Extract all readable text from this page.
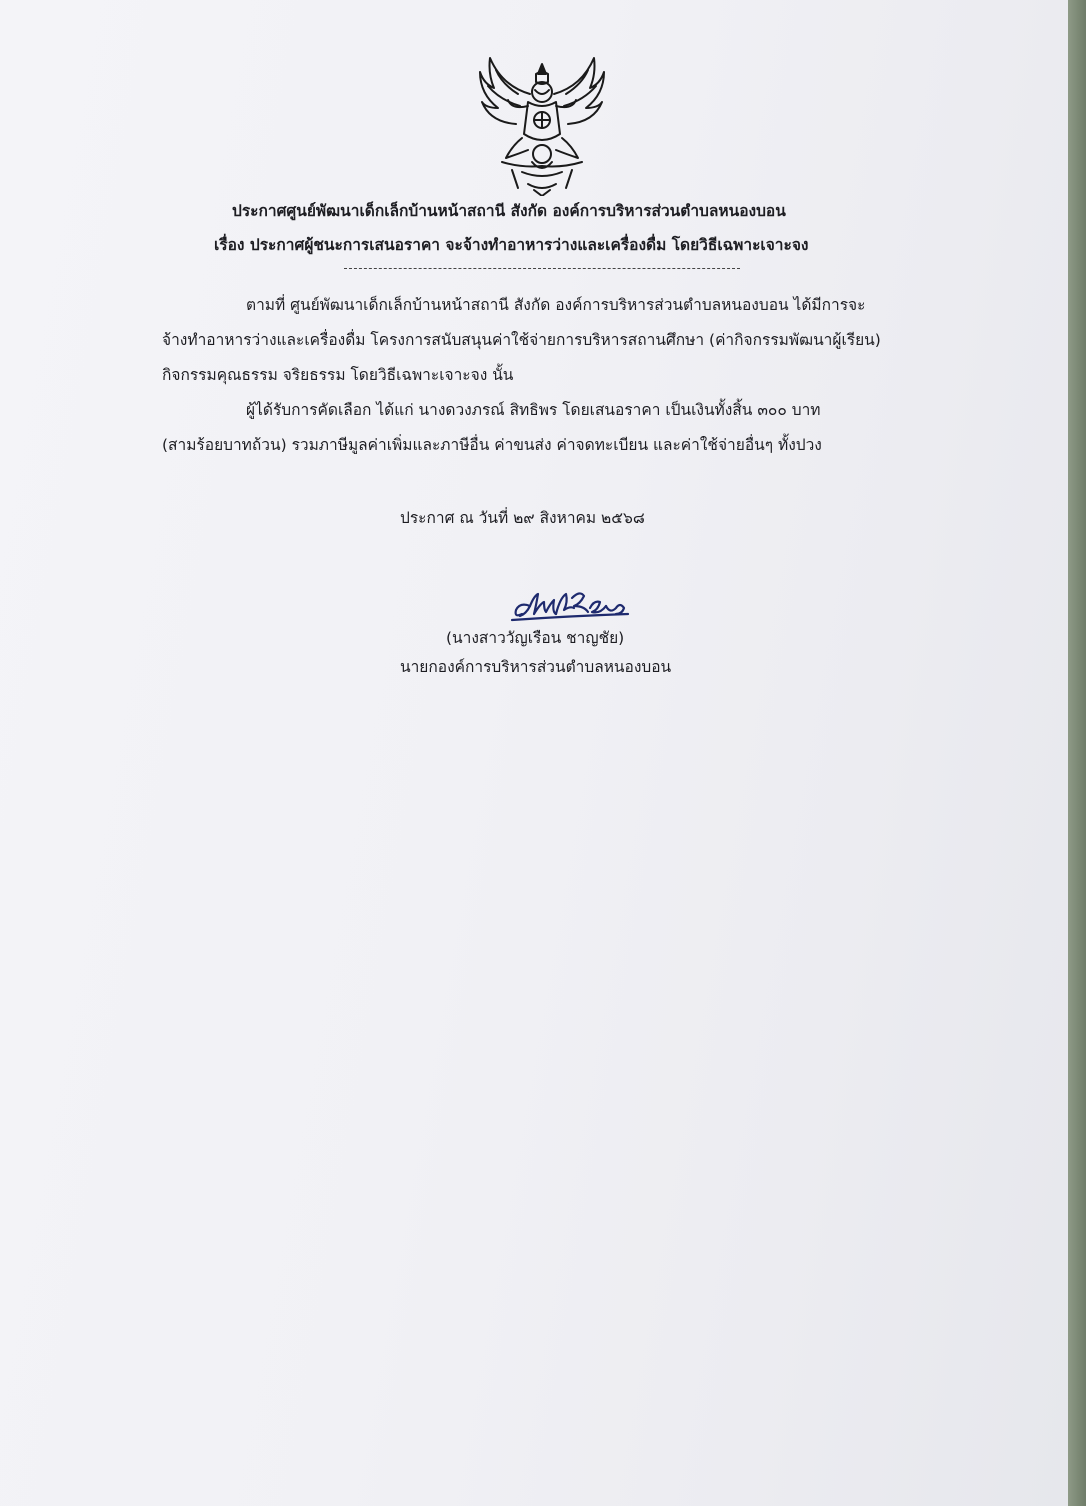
ประกาศศูนย์พัฒนาเด็กเล็กบ้านหน้าสถานี สังกัด องค์การบริหารส่วนตำบลหนองบอน
เรื่อง ประกาศผู้ชนะการเสนอราคา จะจ้างทำอาหารว่างและเครื่องดื่ม โดยวิธีเฉพาะเจาะจง
ตามที่ ศูนย์พัฒนาเด็กเล็กบ้านหน้าสถานี สังกัด องค์การบริหารส่วนตำบลหนองบอน ได้มีการจะ
จ้างทำอาหารว่างและเครื่องดื่ม โครงการสนับสนุนค่าใช้จ่ายการบริหารสถานศึกษา (ค่ากิจกรรมพัฒนาผู้เรียน)
กิจกรรมคุณธรรม จริยธรรม โดยวิธีเฉพาะเจาะจง นั้น
ผู้ได้รับการคัดเลือก ได้แก่ นางดวงภรณ์ สิทธิพร โดยเสนอราคา เป็นเงินทั้งสิ้น ๓๐๐ บาท
(สามร้อยบาทถ้วน) รวมภาษีมูลค่าเพิ่มและภาษีอื่น ค่าขนส่ง ค่าจดทะเบียน และค่าใช้จ่ายอื่นๆ ทั้งปวง
ประกาศ ณ วันที่ ๒๙ สิงหาคม ๒๕๖๘
(นางสาววัญเรือน ชาญชัย)
นายกองค์การบริหารส่วนตำบลหนองบอน
